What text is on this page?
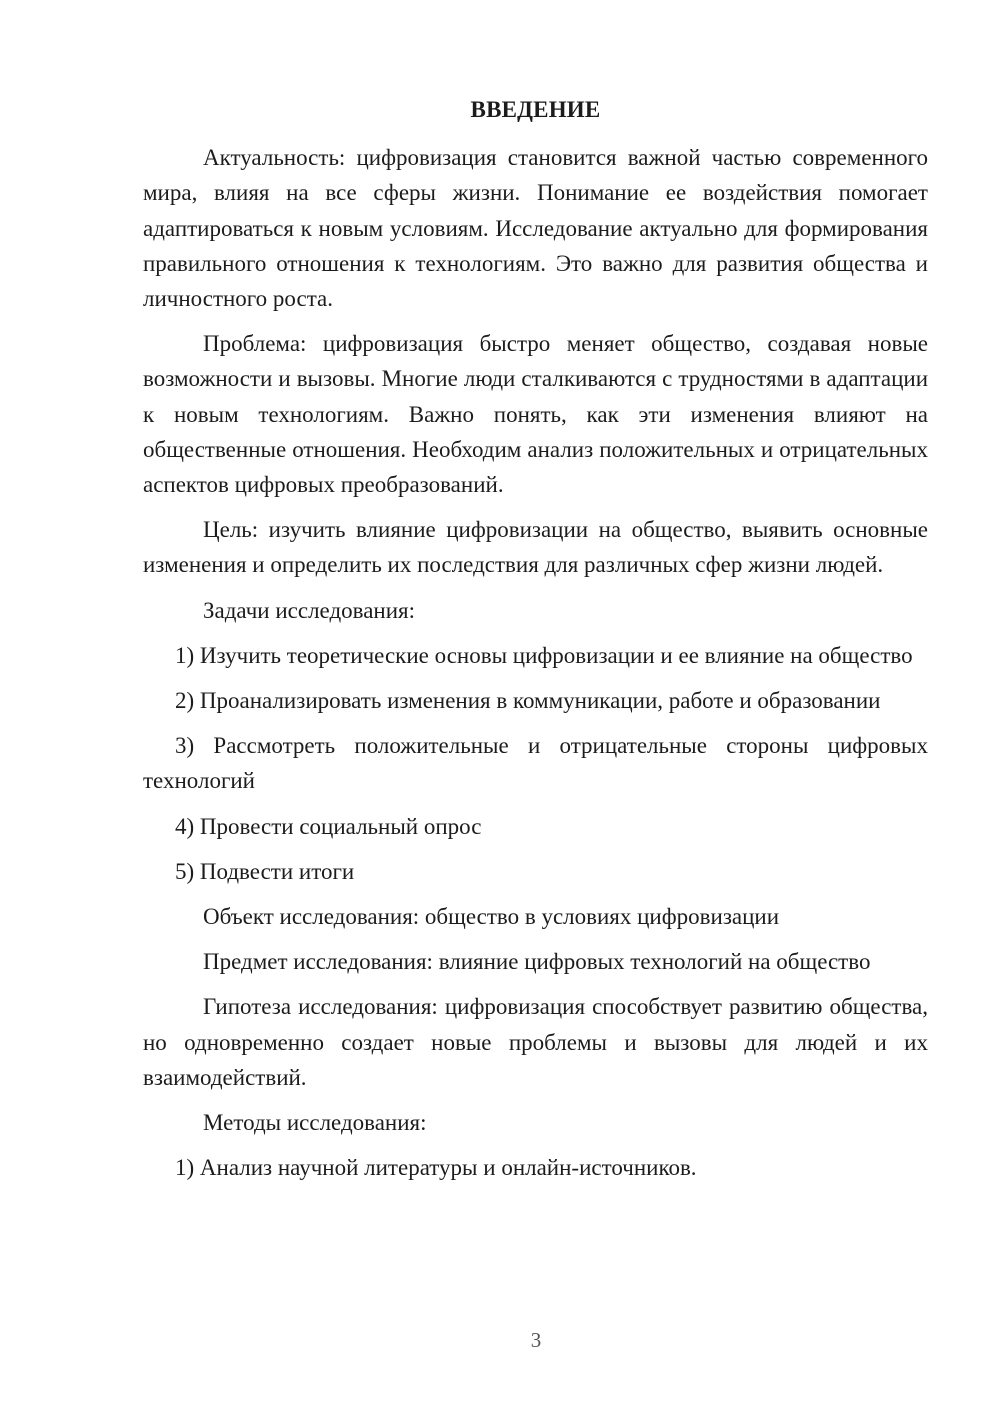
ВВЕДЕНИЕ

Актуальность: цифровизация становится важной частью современного мира, влияя на все сферы жизни. Понимание ее воздействия помогает адаптироваться к новым условиям. Исследование актуально для формирования правильного отношения к технологиям. Это важно для развития общества и личностного роста.

Проблема: цифровизация быстро меняет общество, создавая новые возможности и вызовы. Многие люди сталкиваются с трудностями в адаптации к новым технологиям. Важно понять, как эти изменения влияют на общественные отношения. Необходим анализ положительных и отрицательных аспектов цифровых преобразований.

Цель: изучить влияние цифровизации на общество, выявить основные изменения и определить их последствия для различных сфер жизни людей.

Задачи исследования:

1) Изучить теоретические основы цифровизации и ее влияние на общество

2) Проанализировать изменения в коммуникации, работе и образовании

3) Рассмотреть положительные и отрицательные стороны цифровых технологий

4) Провести социальный опрос

5) Подвести итоги

Объект исследования: общество в условиях цифровизации

Предмет исследования: влияние цифровых технологий на общество

Гипотеза исследования: цифровизация способствует развитию общества, но одновременно создает новые проблемы и вызовы для людей и их взаимодействий.

Методы исследования:

1) Анализ научной литературы и онлайн-источников.

3
